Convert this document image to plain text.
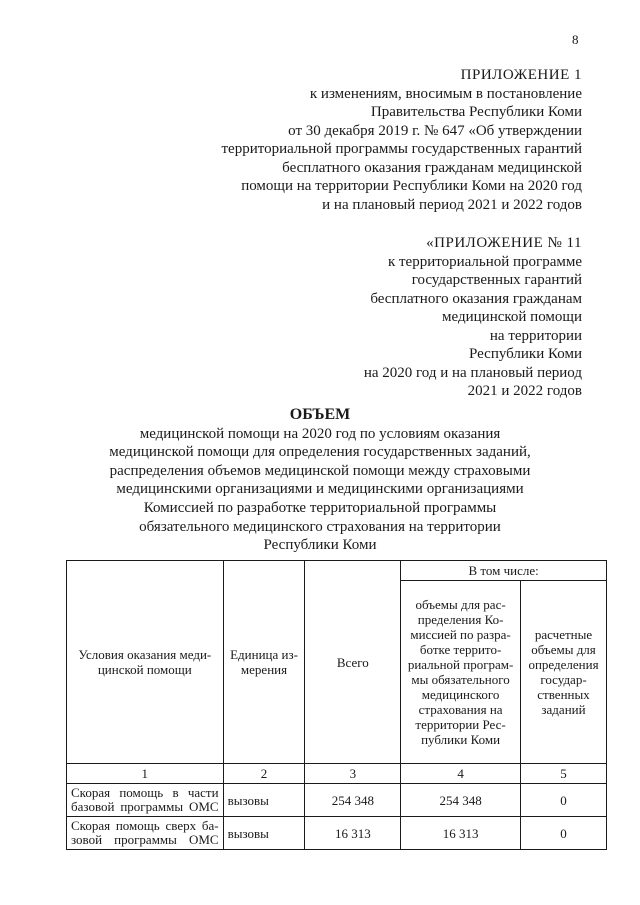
8
ПРИЛОЖЕНИЕ 1
к изменениям, вносимым в постановление
Правительства Республики Коми
от 30 декабря 2019 г. № 647 «Об утверждении
территориальной программы государственных гарантий
бесплатного оказания гражданам медицинской
помощи на территории Республики Коми на 2020 год
и на плановый период 2021 и 2022 годов
«ПРИЛОЖЕНИЕ № 11
к территориальной программе
государственных гарантий
бесплатного оказания гражданам
медицинской помощи
на территории
Республики Коми
на 2020 год и на плановый период
2021 и 2022 годов
ОБЪЕМ
медицинской помощи на 2020 год по условиям оказания
медицинской помощи для определения государственных заданий,
распределения объемов медицинской помощи между страховыми
медицинскими организациями и медицинскими организациями
Комиссией по разработке территориальной программы
обязательного медицинского страхования на территории
Республики Коми
Условия оказания меди-цинской помощи	Единица из-мерения	Всего	В том числе:	
			объемы для рас-пределения Ко-миссией по разра-ботке террито-риальной програм-мы обязательного медицинского страхования на территории Рес-публики Коми	расчетные объемы для определения государ-ственных заданий
1	2	3	4	5
Скорая помощь в части базовой программы ОМС	вызовы	254 348	254 348	0
Скорая помощь сверх ба-зовой программы ОМС	вызовы	16 313	16 313	0
